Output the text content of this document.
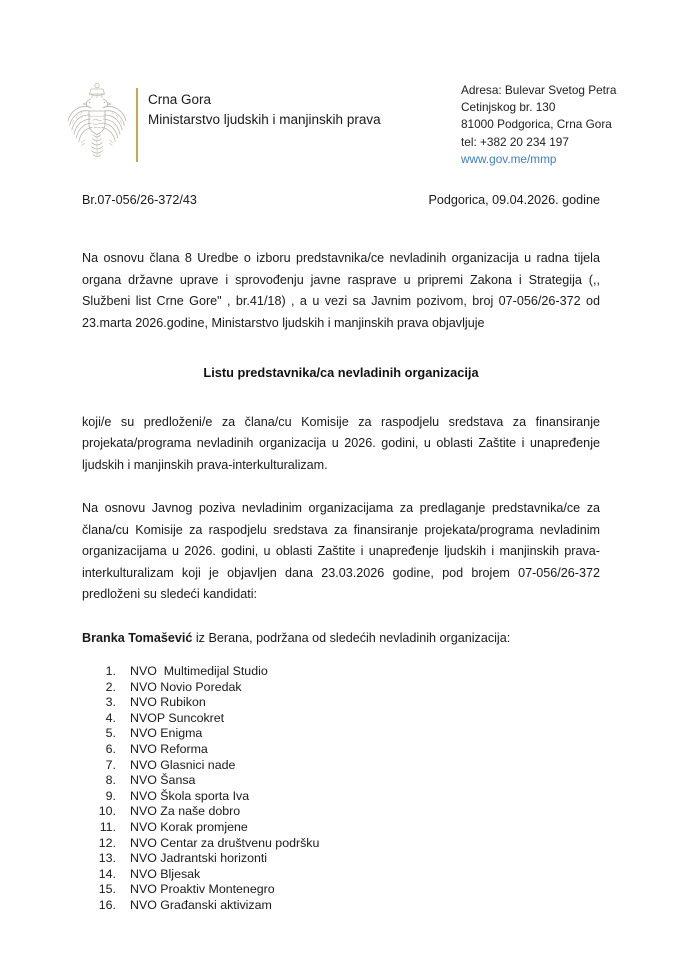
Crna Gora
Ministarstvo ljudskih i manjinskih prava
Adresa: Bulevar Svetog Petra
Cetinjskog br. 130
81000 Podgorica, Crna Gora
tel: +382 20 234 197
www.gov.me/mmp
Br.07-056/26-372/43	Podgorica, 09.04.2026. godine

Na osnovu člana 8 Uredbe o izboru predstavnika/ce nevladinih organizacija u radna tijela organa državne uprave i sprovođenju javne rasprave u pripremi Zakona i Strategija (,, Službeni list Crne Gore" , br.41/18) , a u vezi sa Javnim pozivom, broj 07-056/26-372 od 23.marta 2026.godine, Ministarstvo ljudskih i manjinskih prava objavljuje

Listu predstavnika/ca nevladinih organizacija

koji/e su predloženi/e za člana/cu Komisije za raspodjelu sredstava za finansiranje projekata/programa nevladinih organizacija u 2026. godini, u oblasti Zaštite i unapređenje ljudskih i manjinskih prava-interkulturalizam.

Na osnovu Javnog poziva nevladinim organizacijama za predlaganje predstavnika/ce za člana/cu Komisije za raspodjelu sredstava za finansiranje projekata/programa nevladinim organizacijama u 2026. godini, u oblasti Zaštite i unapređenje ljudskih i manjinskih prava-interkulturalizam koji je objavljen dana 23.03.2026 godine, pod brojem 07-056/26-372 predloženi su sledeći kandidati:

Branka Tomašević iz Berana, podržana od sledećih nevladinih organizacija:

1. NVO  Multimedijal Studio
2. NVO Novio Poredak
3. NVO Rubikon
4. NVOP Suncokret
5. NVO Enigma
6. NVO Reforma
7. NVO Glasnici nade
8. NVO Šansa
9. NVO Škola sporta Iva
10. NVO Za naše dobro
11. NVO Korak promjene
12. NVO Centar za društvenu podršku
13. NVO Jadrantski horizonti
14. NVO Bljesak
15. NVO Proaktiv Montenegro
16. NVO Građanski aktivizam
